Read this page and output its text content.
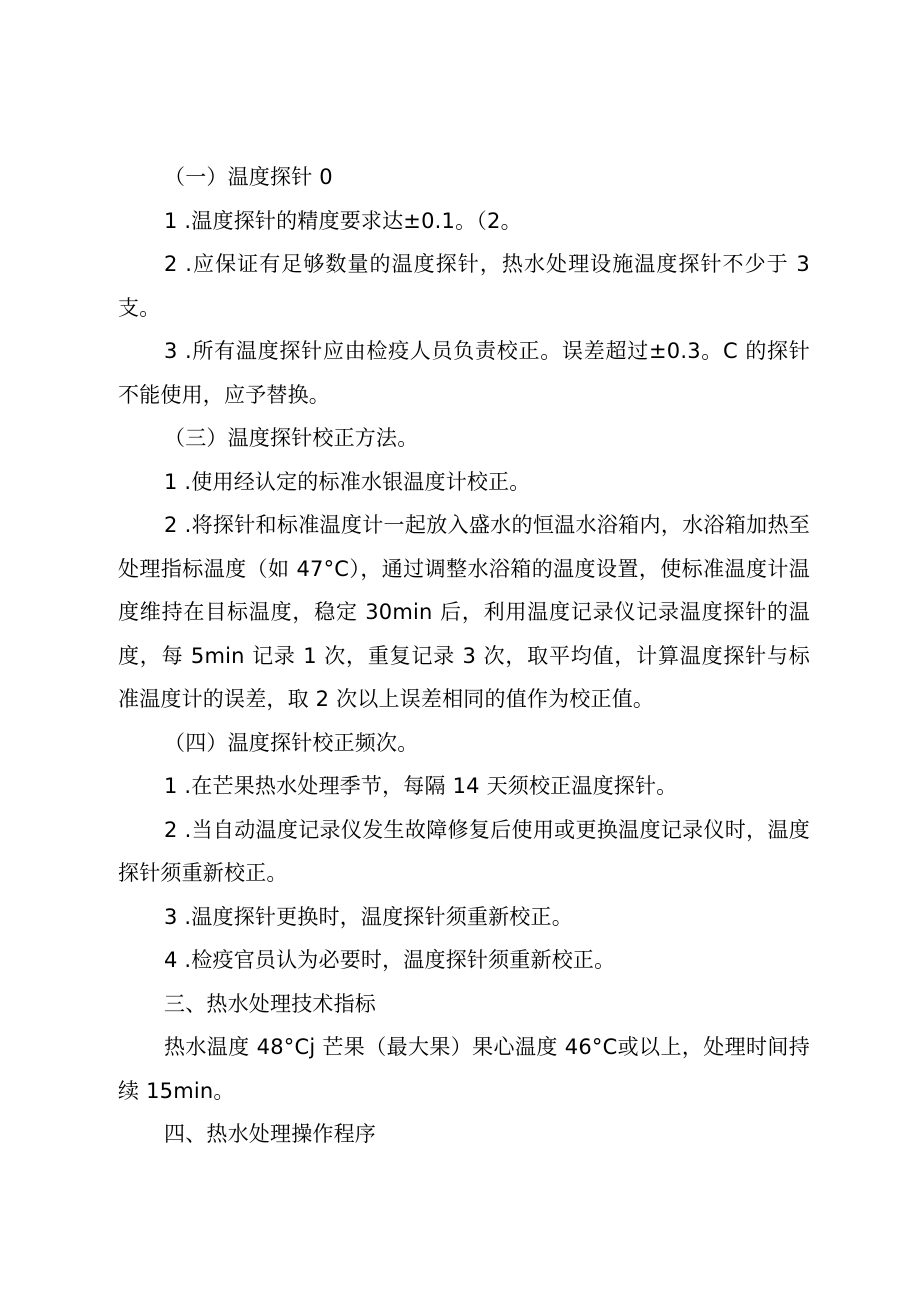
（一）温度探针 0

1 .温度探针的精度要求达±0.1。（2。

2 .应保证有足够数量的温度探针，热水处理设施温度探针不少于 3 支。

3 .所有温度探针应由检疫人员负责校正。误差超过±0.3。C 的探针不能使用，应予替换。

（三）温度探针校正方法。

1 .使用经认定的标准水银温度计校正。

2 .将探针和标准温度计一起放入盛水的恒温水浴箱内，水浴箱加热至处理指标温度（如 47°C），通过调整水浴箱的温度设置，使标准温度计温度维持在目标温度，稳定 30min 后，利用温度记录仪记录温度探针的温度，每 5min 记录 1 次，重复记录 3 次，取平均值，计算温度探针与标准温度计的误差，取 2 次以上误差相同的值作为校正值。

（四）温度探针校正频次。

1 .在芒果热水处理季节，每隔 14 天须校正温度探针。

2 .当自动温度记录仪发生故障修复后使用或更换温度记录仪时，温度探针须重新校正。

3 .温度探针更换时，温度探针须重新校正。

4 .检疫官员认为必要时，温度探针须重新校正。

三、热水处理技术指标

热水温度 48°Cj 芒果（最大果）果心温度 46°C或以上，处理时间持续 15min。

四、热水处理操作程序
